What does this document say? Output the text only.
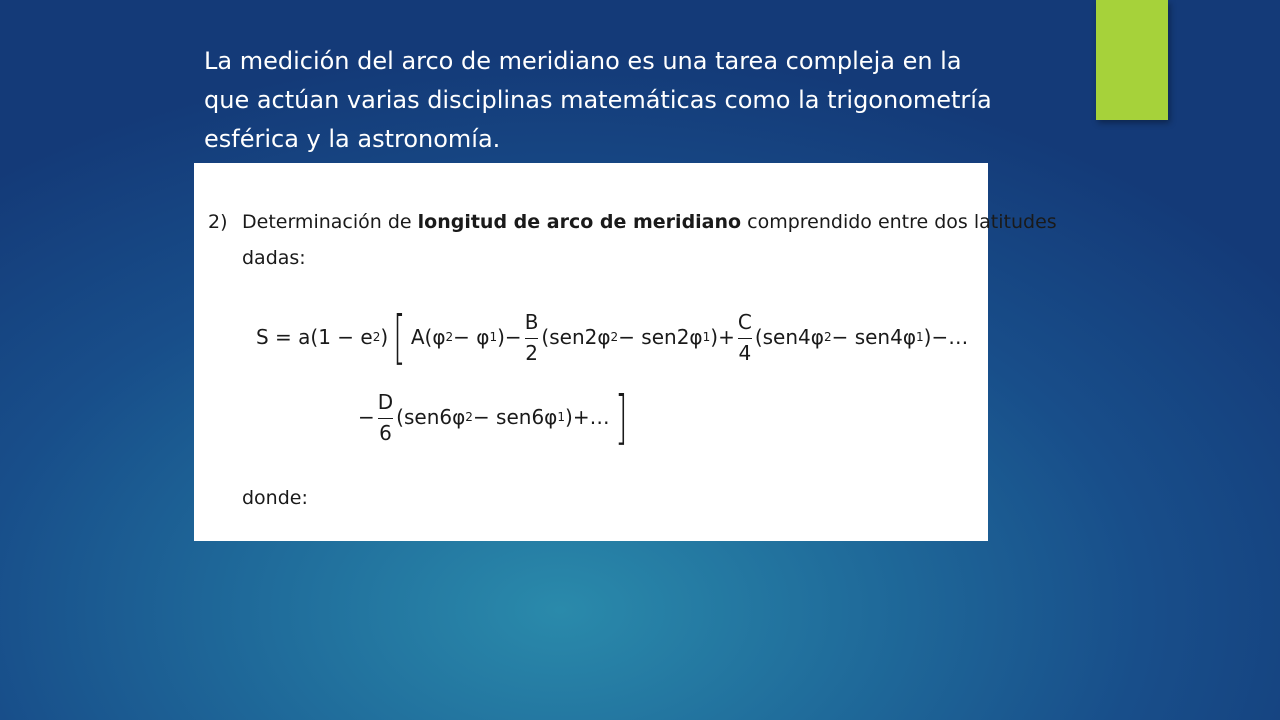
La medición del arco de meridiano es una tarea compleja en la
que actúan varias disciplinas matemáticas como la trigonometría
esférica y la astronomía.

2) Determinación de longitud de arco de meridiano comprendido entre dos latitudes
dadas:
S = a(1 − e 2 ) [ A(φ 2 − φ 1 ) − $\frac{B}{2} (sen2\varphi$ 2 − sen2φ 1 ) + $\frac{C}{4} (sen4\varphi$ 2 − sen4φ 1 )−…
− $\frac{D}{6} (sen6\varphi$ 2 − sen6φ 1 )+… ]
donde:
